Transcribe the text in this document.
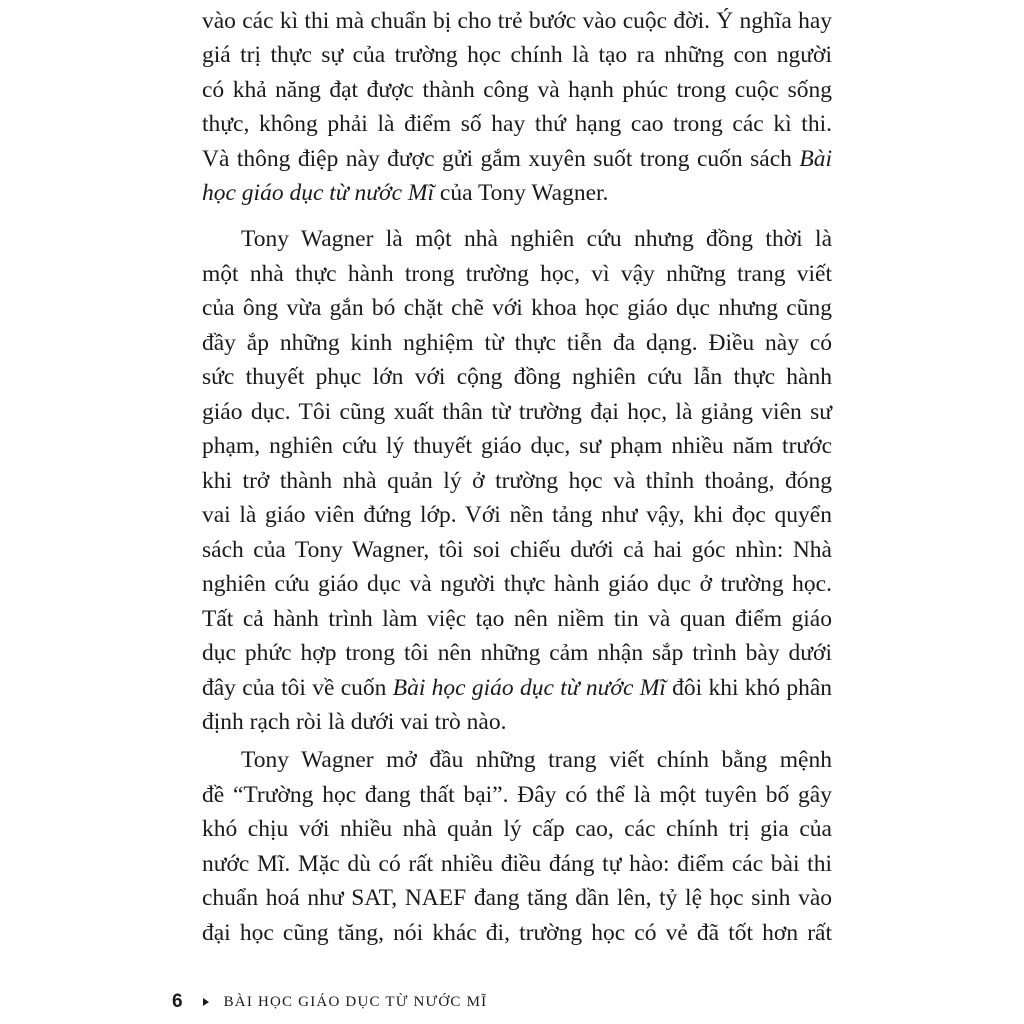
vào các kì thi mà chuẩn bị cho trẻ bước vào cuộc đời. Ý nghĩa hay
giá trị thực sự của trường học chính là tạo ra những con người
có khả năng đạt được thành công và hạnh phúc trong cuộc sống
thực, không phải là điểm số hay thứ hạng cao trong các kì thi.
Và thông điệp này được gửi gắm xuyên suốt trong cuốn sách Bài
học giáo dục từ nước Mĩ của Tony Wagner.
Tony Wagner là một nhà nghiên cứu nhưng đồng thời là
một nhà thực hành trong trường học, vì vậy những trang viết
của ông vừa gắn bó chặt chẽ với khoa học giáo dục nhưng cũng
đầy ắp những kinh nghiệm từ thực tiễn đa dạng. Điều này có
sức thuyết phục lớn với cộng đồng nghiên cứu lẫn thực hành
giáo dục. Tôi cũng xuất thân từ trường đại học, là giảng viên sư
phạm, nghiên cứu lý thuyết giáo dục, sư phạm nhiều năm trước
khi trở thành nhà quản lý ở trường học và thỉnh thoảng, đóng
vai là giáo viên đứng lớp. Với nền tảng như vậy, khi đọc quyển
sách của Tony Wagner, tôi soi chiếu dưới cả hai góc nhìn: Nhà
nghiên cứu giáo dục và người thực hành giáo dục ở trường học.
Tất cả hành trình làm việc tạo nên niềm tin và quan điểm giáo
dục phức hợp trong tôi nên những cảm nhận sắp trình bày dưới
đây của tôi về cuốn Bài học giáo dục từ nước Mĩ đôi khi khó phân
định rạch ròi là dưới vai trò nào.
Tony Wagner mở đầu những trang viết chính bằng mệnh
đề “Trường học đang thất bại”. Đây có thể là một tuyên bố gây
khó chịu với nhiều nhà quản lý cấp cao, các chính trị gia của
nước Mĩ. Mặc dù có rất nhiều điều đáng tự hào: điểm các bài thi
chuẩn hoá như SAT, NAEF đang tăng dần lên, tỷ lệ học sinh vào
đại học cũng tăng, nói khác đi, trường học có vẻ đã tốt hơn rất
6	BÀI HỌC GIÁO DỤC TỪ NƯỚC MĨ
